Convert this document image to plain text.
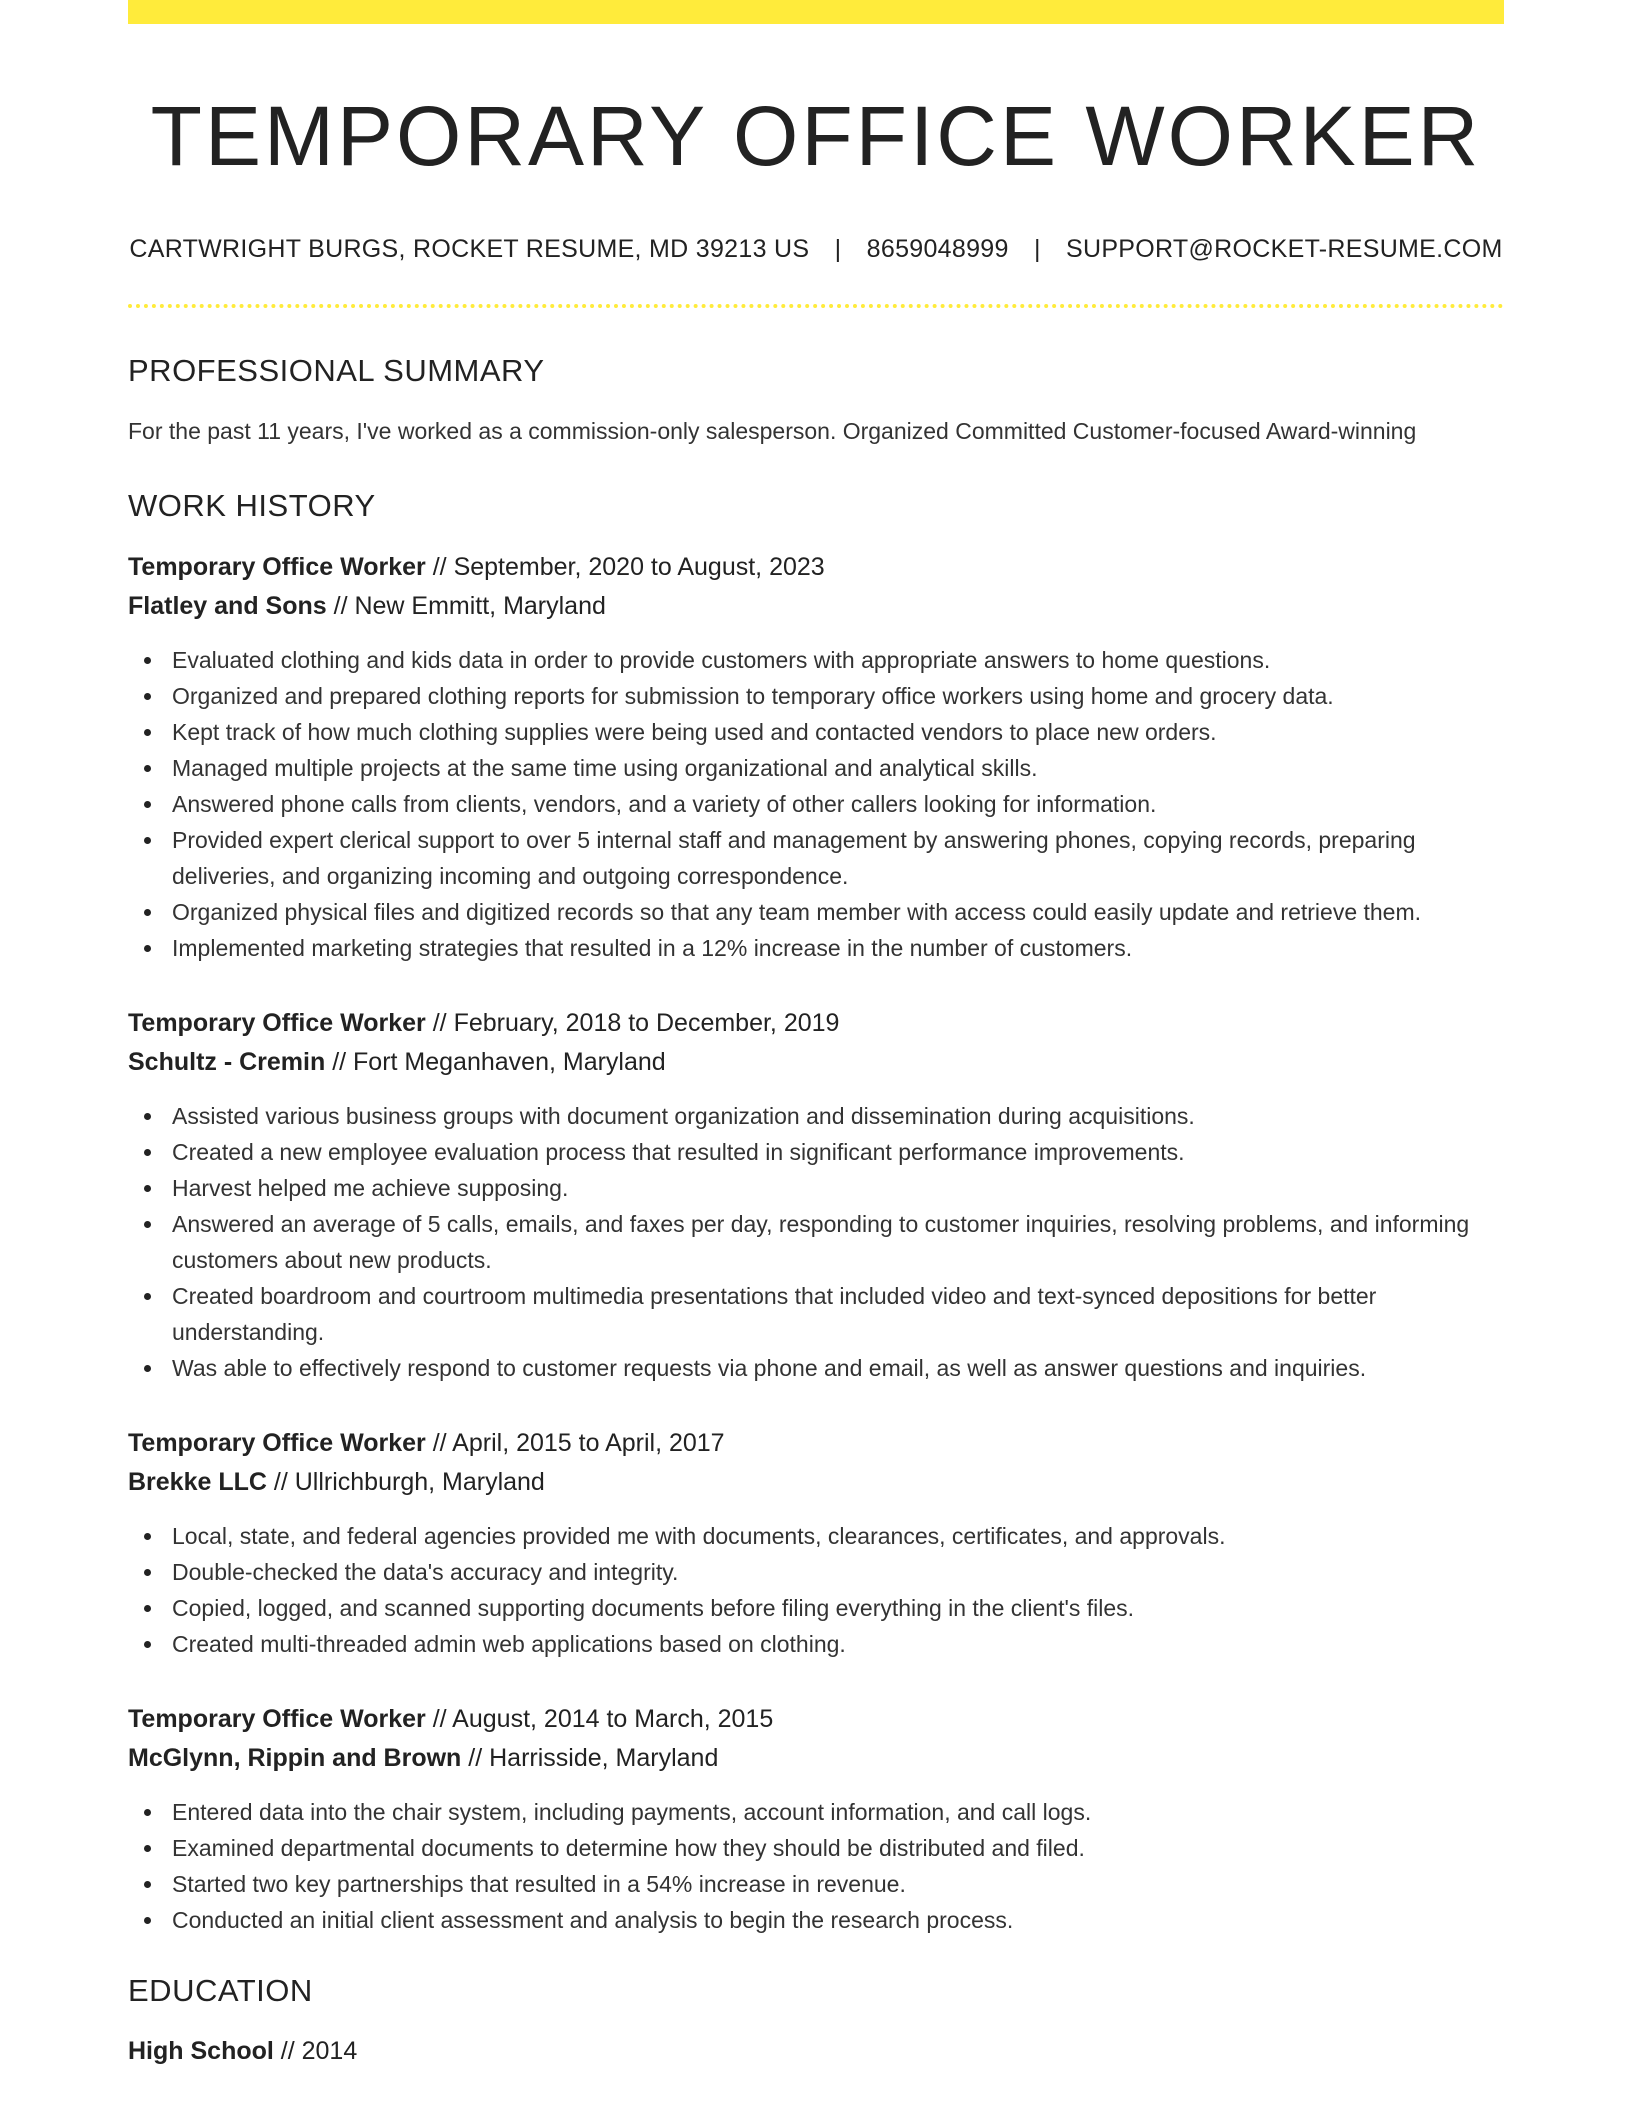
TEMPORARY OFFICE WORKER
CARTWRIGHT BURGS, ROCKET RESUME, MD 39213 US | 8659048999 | SUPPORT@ROCKET-RESUME.COM
PROFESSIONAL SUMMARY

For the past 11 years, I've worked as a commission-only salesperson. Organized Committed Customer-focused Award-winning

WORK HISTORY
Temporary Office Worker // September, 2020 to August, 2023
Flatley and Sons // New Emmitt, Maryland
Evaluated clothing and kids data in order to provide customers with appropriate answers to home questions.
Organized and prepared clothing reports for submission to temporary office workers using home and grocery data.
Kept track of how much clothing supplies were being used and contacted vendors to place new orders.
Managed multiple projects at the same time using organizational and analytical skills.
Answered phone calls from clients, vendors, and a variety of other callers looking for information.
Provided expert clerical support to over 5 internal staff and management by answering phones, copying records, preparing deliveries, and organizing incoming and outgoing correspondence.
Organized physical files and digitized records so that any team member with access could easily update and retrieve them.
Implemented marketing strategies that resulted in a 12% increase in the number of customers.
Temporary Office Worker // February, 2018 to December, 2019
Schultz - Cremin // Fort Meganhaven, Maryland
Assisted various business groups with document organization and dissemination during acquisitions.
Created a new employee evaluation process that resulted in significant performance improvements.
Harvest helped me achieve supposing.
Answered an average of 5 calls, emails, and faxes per day, responding to customer inquiries, resolving problems, and informing customers about new products.
Created boardroom and courtroom multimedia presentations that included video and text-synced depositions for better understanding.
Was able to effectively respond to customer requests via phone and email, as well as answer questions and inquiries.
Temporary Office Worker // April, 2015 to April, 2017
Brekke LLC // Ullrichburgh, Maryland
Local, state, and federal agencies provided me with documents, clearances, certificates, and approvals.
Double-checked the data's accuracy and integrity.
Copied, logged, and scanned supporting documents before filing everything in the client's files.
Created multi-threaded admin web applications based on clothing.
Temporary Office Worker // August, 2014 to March, 2015
McGlynn, Rippin and Brown // Harrisside, Maryland
Entered data into the chair system, including payments, account information, and call logs.
Examined departmental documents to determine how they should be distributed and filed.
Started two key partnerships that resulted in a 54% increase in revenue.
Conducted an initial client assessment and analysis to begin the research process.
EDUCATION
High School // 2014
